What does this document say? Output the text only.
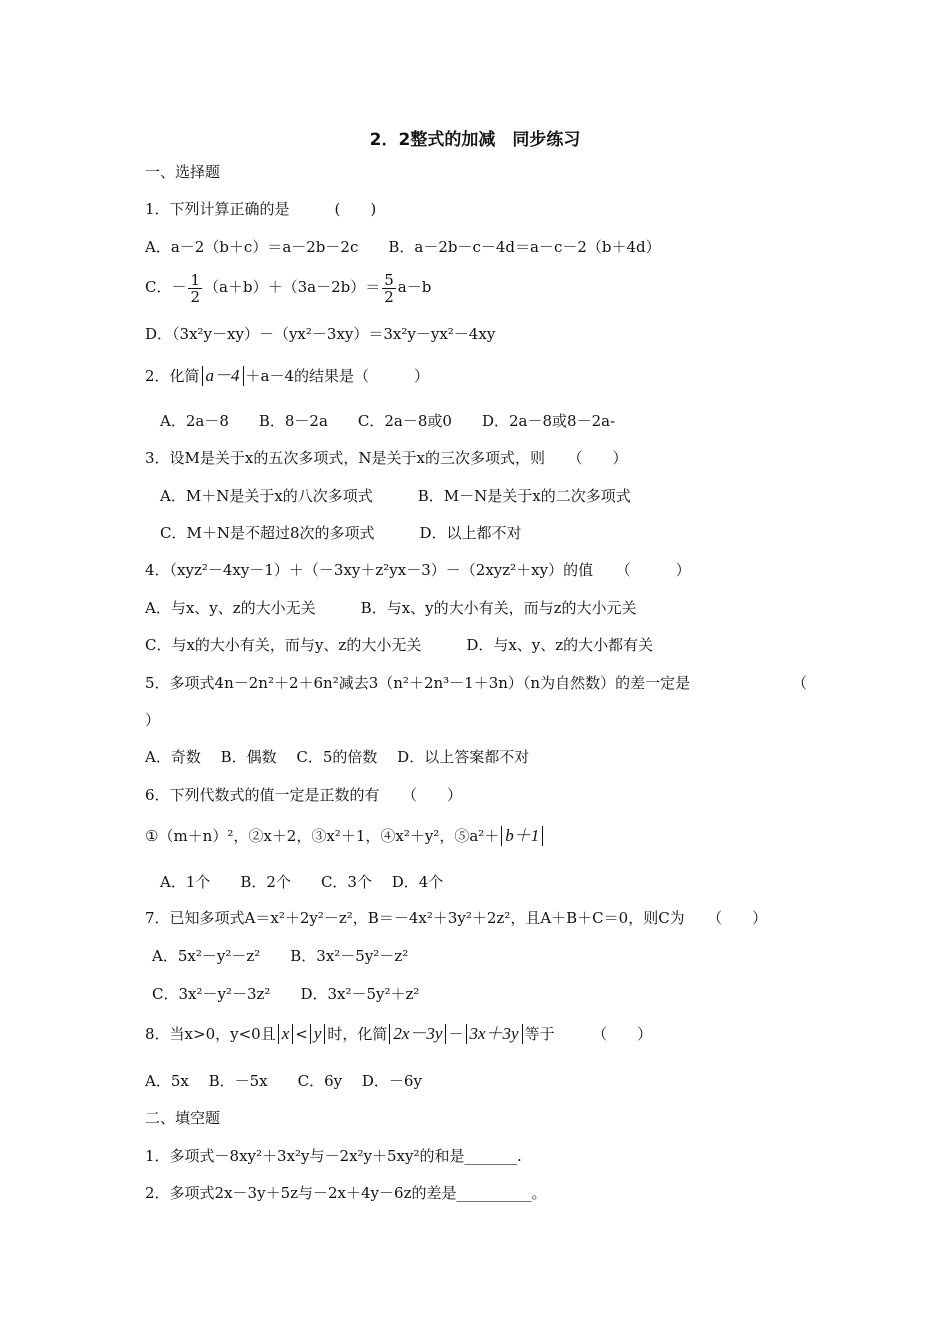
2．2整式的加减　同步练习
一、选择题
1．下列计算正确的是　　　(　　)
A．a－2（b＋c）＝a－2b－2c　　B．a－2b－c－4d＝a－c－2（b＋4d）
C．－ $\frac{1}{2} (a+b)+(3a-2b)= \frac{5}{2} a-b$
D．（3x²y－xy）－（yx²－3xy）＝3x²y－yx²－4xy
2．化简 a－4 ＋a－4的结果是（　　　）
A．2a－8　　B．8－2a　　C．2a－8或0　　D．2a－8或8－2a-
3．设M是关于x的五次多项式，N是关于x的三次多项式，则　　（　　）
A．M＋N是关于x的八次多项式　　　B．M－N是关于x的二次多项式
C．M＋N是不超过8次的多项式　　　D．以上都不对
4．（xyz²－4xy－1）＋（－3xy＋z²yx－3）－（2xyz²＋xy）的值　　（　　　）
A．与x、y、z的大小无关　　　B．与x、y的大小有关，而与z的大小元关
C．与x的大小有关，而与y、z的大小无关　　　D．与x、y、z的大小都有关
5．多项式4n－2n²＋2＋6n²减去3（n²＋2n³－1＋3n）（n为自然数）的差一定是	（
）
A．奇数　 B．偶数　 C．5的倍数　 D．以上答案都不对
6．下列代数式的值一定是正数的有　　（　　）
①（m＋n）²，②x＋2，③x²＋1，④x²＋y²，⑤a²＋ b＋1
A．1个　　B．2个　　C．3个　 D．4个
7．已知多项式A＝x²＋2y²－z²，B＝－4x²＋3y²＋2z²，且A＋B＋C＝0，则C为　　（　　）
A．5x²－y²－z²　　B．3x²－5y²－z²
C．3x²－y²－3z²　　D．3x²－5y²＋z²
8．当x>0，y<0且 x < y 时，化简 2x－3y － 3x＋3y 等于　　　（　　）
A．5x　 B．－5x　　C．6y　 D．－6y
二、填空题
1．多项式－8xy²＋3x²y与－2x²y＋5xy²的和是_______.
2．多项式2x－3y＋5z与－2x＋4y－6z的差是__________。
